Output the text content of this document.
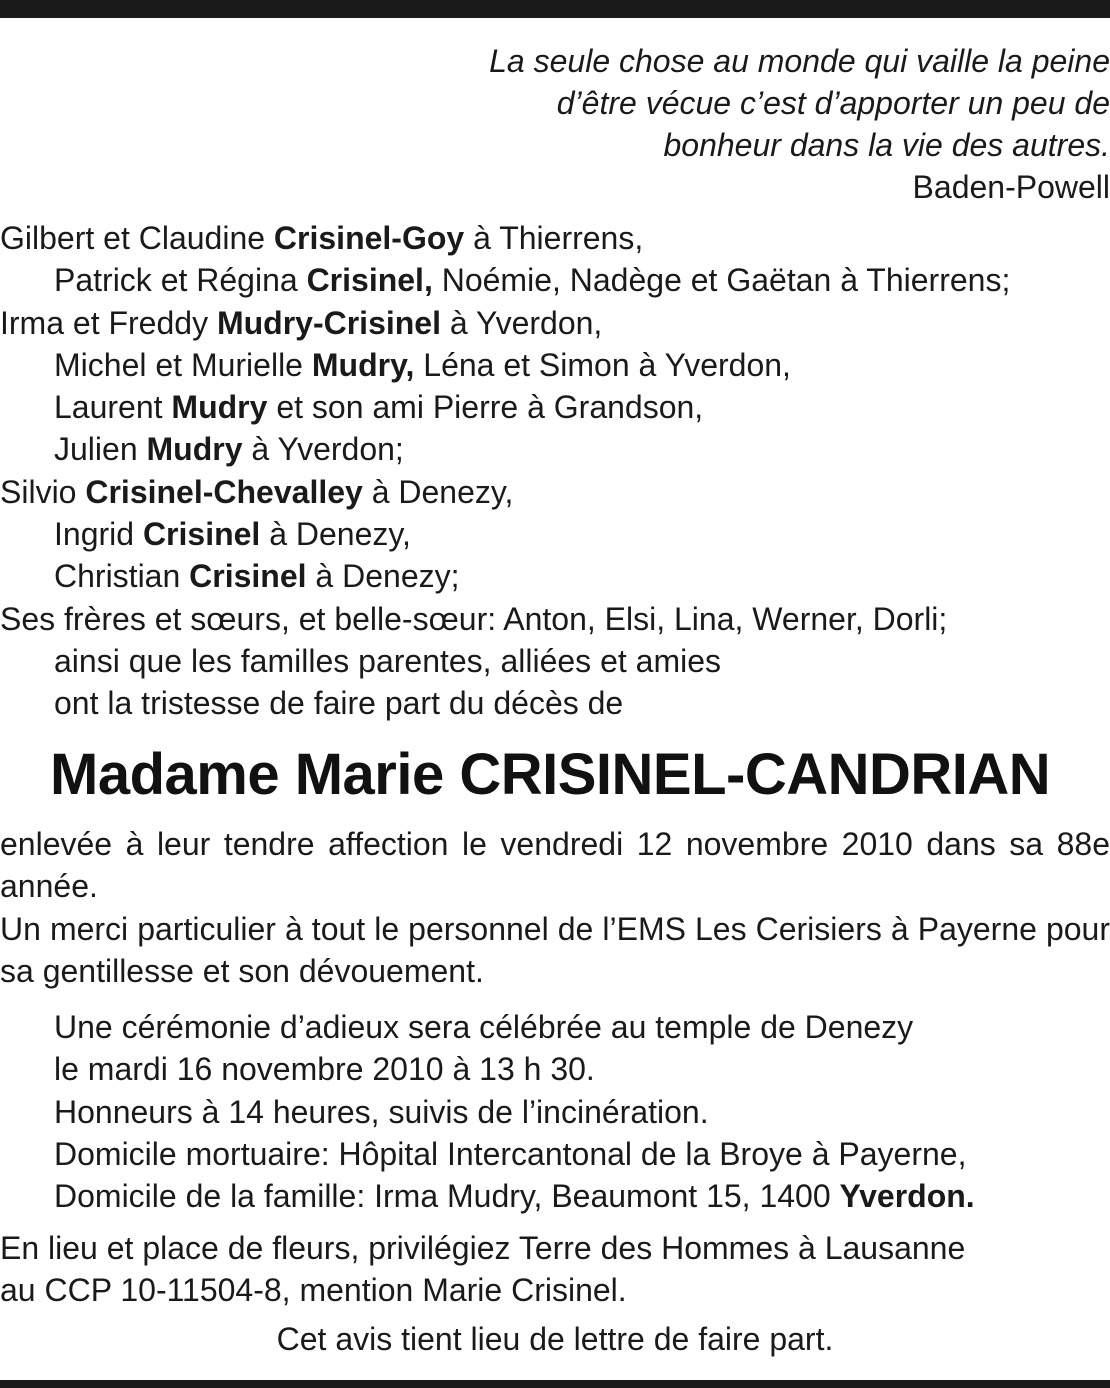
La seule chose au monde qui vaille la peine
d’être vécue c’est d’apporter un peu de
bonheur dans la vie des autres.
Baden-Powell
Gilbert et Claudine Crisinel-Goy à Thierrens,
Patrick et Régina Crisinel, Noémie, Nadège et Gaëtan à Thierrens;
Irma et Freddy Mudry-Crisinel à Yverdon,
Michel et Murielle Mudry, Léna et Simon à Yverdon,
Laurent Mudry et son ami Pierre à Grandson,
Julien Mudry à Yverdon;
Silvio Crisinel-Chevalley à Denezy,
Ingrid Crisinel à Denezy,
Christian Crisinel à Denezy;
Ses frères et sœurs, et belle-sœur: Anton, Elsi, Lina, Werner, Dorli;
ainsi que les familles parentes, alliées et amies
ont la tristesse de faire part du décès de
Madame Marie CRISINEL-CANDRIAN

enlevée à leur tendre affection le vendredi 12 novembre 2010 dans sa 88e année.

Un merci particulier à tout le personnel de l’EMS Les Cerisiers à Payerne pour sa gentillesse et son dévouement.

Une cérémonie d’adieux sera célébrée au temple de Denezy
le mardi 16 novembre 2010 à 13 h 30.
Honneurs à 14 heures, suivis de l’incinération.
Domicile mortuaire: Hôpital Intercantonal de la Broye à Payerne,
Domicile de la famille: Irma Mudry, Beaumont 15, 1400 Yverdon.
En lieu et place de fleurs, privilégiez Terre des Hommes à Lausanne
au CCP 10-11504-8, mention Marie Crisinel.
Cet avis tient lieu de lettre de faire part.
